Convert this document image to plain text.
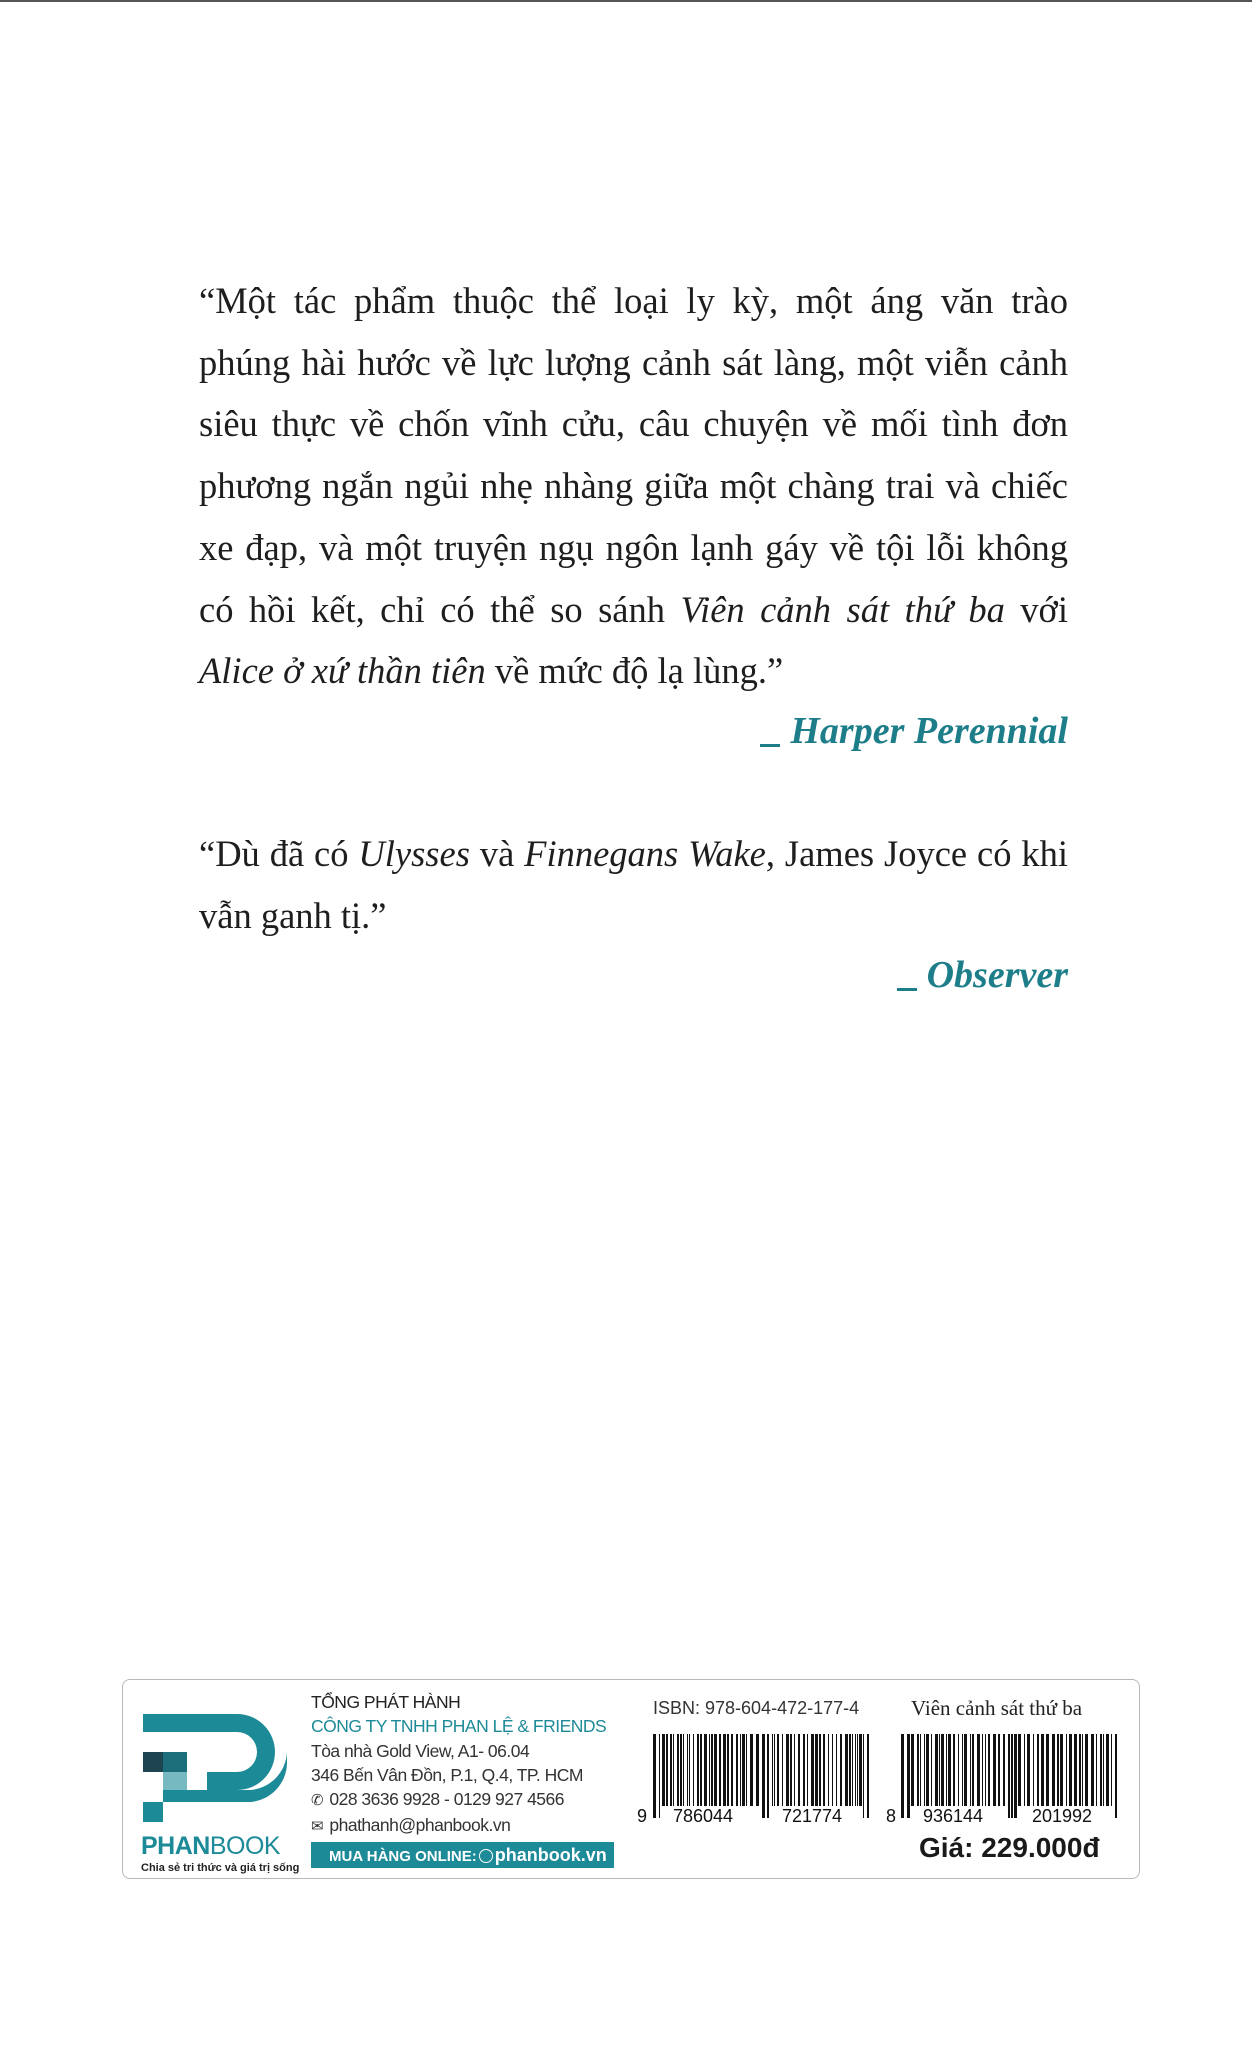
“Một tác phẩm thuộc thể loại ly kỳ, một áng văn trào phúng hài hước về lực lượng cảnh sát làng, một viễn cảnh siêu thực về chốn vĩnh cửu, câu chuyện về mối tình đơn phương ngắn ngủi nhẹ nhàng giữa một chàng trai và chiếc xe đạp, và một truyện ngụ ngôn lạnh gáy về tội lỗi không có hồi kết, chỉ có thể so sánh Viên cảnh sát thứ ba với Alice ở xứ thần tiên về mức độ lạ lùng.”

Harper Perennial

“Dù đã có Ulysses và Finnegans Wake, James Joyce có khi vẫn ganh tị.”

Observer
PHANBOOK
Chia sẻ tri thức và giá trị sống
TỔNG PHÁT HÀNH
CÔNG TY TNHH PHAN LỆ & FRIENDS
Tòa nhà Gold View, A1- 06.04
346 Bến Vân Đồn, P.1, Q.4, TP. HCM
✆ 028 3636 9928 - 0129 927 4566
✉ phathanh@phanbook.vn
MUA HÀNG ONLINE: phanbook.vn
ISBN: 978-604-472-177-4 Viên cảnh sát thứ ba
9 786044	721774 8 936144	201992
Giá: 229.000đ
